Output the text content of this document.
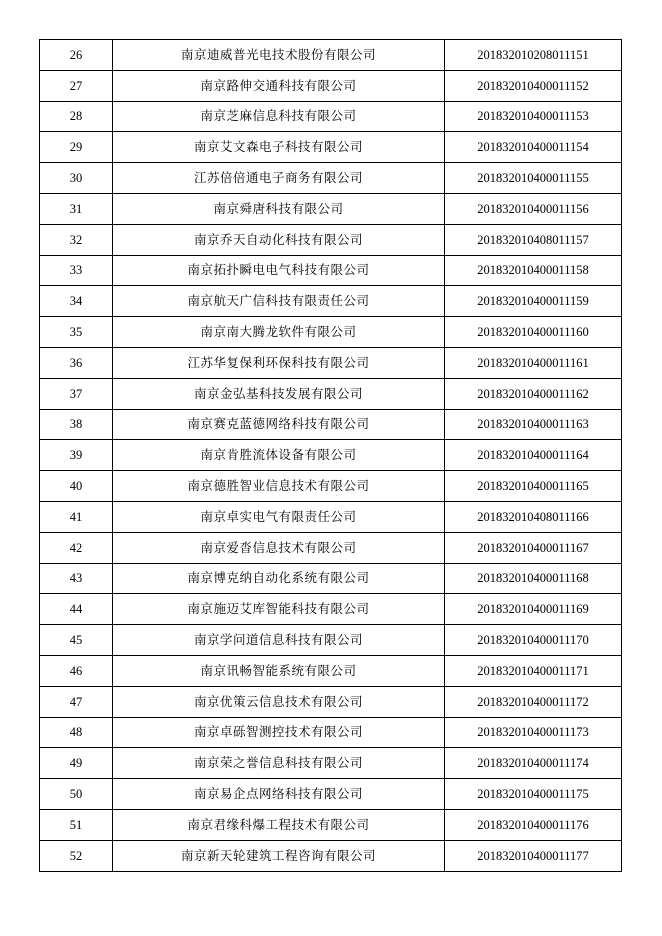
26	南京迪威普光电技术股份有限公司	201832010208011151
27	南京路伸交通科技有限公司	201832010400011152
28	南京芝麻信息科技有限公司	201832010400011153
29	南京艾文森电子科技有限公司	201832010400011154
30	江苏倍倍通电子商务有限公司	201832010400011155
31	南京舜唐科技有限公司	201832010400011156
32	南京乔天自动化科技有限公司	201832010408011157
33	南京拓扑瞬电电气科技有限公司	201832010400011158
34	南京航天广信科技有限责任公司	201832010400011159
35	南京南大腾龙软件有限公司	201832010400011160
36	江苏华复保利环保科技有限公司	201832010400011161
37	南京金弘基科技发展有限公司	201832010400011162
38	南京赛克蓝德网络科技有限公司	201832010400011163
39	南京肯胜流体设备有限公司	201832010400011164
40	南京德胜智业信息技术有限公司	201832010400011165
41	南京卓实电气有限责任公司	201832010408011166
42	南京爱沓信息技术有限公司	201832010400011167
43	南京博克纳自动化系统有限公司	201832010400011168
44	南京施迈艾库智能科技有限公司	201832010400011169
45	南京学问道信息科技有限公司	201832010400011170
46	南京讯畅智能系统有限公司	201832010400011171
47	南京优策云信息技术有限公司	201832010400011172
48	南京卓砾智测控技术有限公司	201832010400011173
49	南京荣之誉信息科技有限公司	201832010400011174
50	南京易企点网络科技有限公司	201832010400011175
51	南京君缘科爆工程技术有限公司	201832010400011176
52	南京新天轮建筑工程咨询有限公司	201832010400011177
